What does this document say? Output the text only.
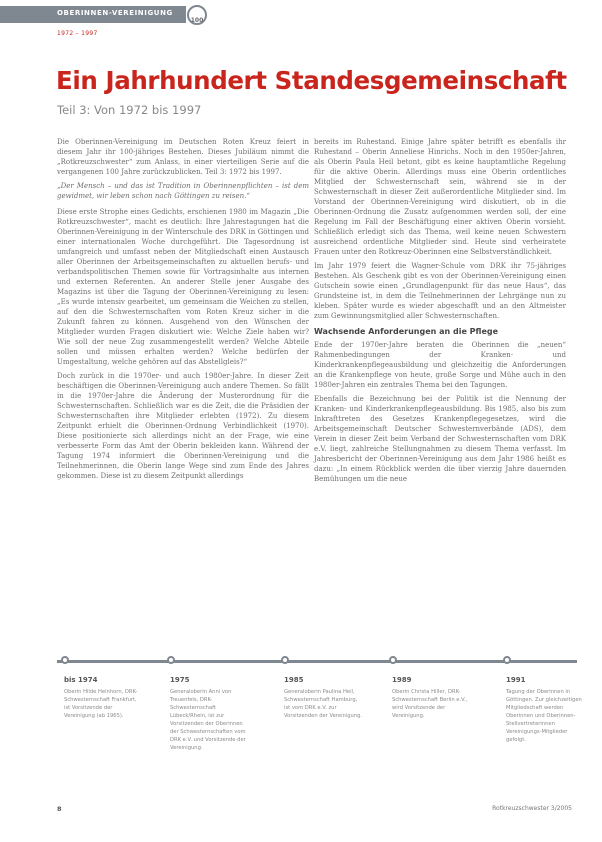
OBERINNEN-VEREINIGUNG
100
1972 – 1997
Ein Jahrhundert Standesgemeinschaft
Teil 3: Von 1972 bis 1997

Die Oberinnen-Vereinigung im Deutschen Roten Kreuz feiert in diesem Jahr ihr 100-jähriges Bestehen. Dieses Jubiläum nimmt die „Rotkreuzschwester“ zum Anlass, in einer vierteiligen Serie auf die vergangenen 100 Jahre zurückzublicken. Teil 3: 1972 bis 1997.

„Der Mensch – und das ist Tradition in Oberinnenpflichten – ist dem gewidmet, wir leben schon nach Göttingen zu reisen.“

Diese erste Strophe eines Gedichts, erschienen 1980 im Magazin „Die Rotkreuzschwester“, macht es deutlich: Ihre Jahrestagungen hat die Oberinnen-Vereinigung in der Winterschule des DRK in Göttingen und einer internationalen Woche durchgeführt. Die Tagesordnung ist umfangreich und umfasst neben der Mitgliedschaft einen Austausch aller Oberinnen der Arbeitsgemeinschaften zu aktuellen berufs- und verbandspolitischen Themen sowie für Vortragsinhalte aus internen und externen Referenten. An anderer Stelle jener Ausgabe des Magazins ist über die Tagung der Oberinnen-Vereinigung zu lesen: „Es wurde intensiv gearbeitet, um gemeinsam die Weichen zu stellen, auf den die Schwesternschaften vom Roten Kreuz sicher in die Zukunft fahren zu können. Ausgehend von den Wünschen der Mitglieder wurden Fragen diskutiert wie: Welche Ziele haben wir? Wie soll der neue Zug zusammengestellt werden? Welche Abteile sollen und müssen erhalten werden? Welche bedürfen der Umgestaltung, welche gehören auf das Abstellgleis?“

Doch zurück in die 1970er- und auch 1980er-Jahre. In dieser Zeit beschäftigen die Oberinnen-Vereinigung auch andere Themen. So fällt in die 1970er-Jahre die Änderung der Musterordnung für die Schwesternschaften. Schließlich war es die Zeit, die die Präsidien der Schwesternschaften ihre Mitglieder erlebten (1972). Zu diesem Zeitpunkt erhielt die Oberinnen-Ordnung Verbindlichkeit (1970). Diese positionierte sich allerdings nicht an der Frage, wie eine verbesserte Form das Amt der Oberin bekleiden kann. Während der Tagung 1974 informiert die Oberinnen-Vereinigung und die Teilnehmerinnen, die Oberin lange Wege sind zum Ende des Jahres gekommen. Diese ist zu diesem Zeitpunkt allerdings

bereits im Ruhestand. Einige Jahre später betrifft es ebenfalls ihr Ruhestand – Oberin Anneliese Hinrichs. Noch in den 1950er-Jahren, als Oberin Paula Heil betont, gibt es keine hauptamtliche Regelung für die aktive Oberin. Allerdings muss eine Oberin ordentliches Mitglied der Schwesternschaft sein, während sie in der Schwesternschaft in dieser Zeit außerordentliche Mitglieder sind. Im Vorstand der Oberinnen-Vereinigung wird diskutiert, ob in die Oberinnen-Ordnung die Zusatz aufgenommen werden soll, der eine Regelung im Fall der Beschäftigung einer aktiven Oberin vorsieht. Schließlich erledigt sich das Thema, weil keine neuen Schwestern ausreichend ordentliche Mitglieder sind. Heute sind verheiratete Frauen unter den Rotkreuz-Oberinnen eine Selbstverständlichkeit.

Im Jahr 1979 feiert die Wagner-Schule vom DRK ihr 75-jähriges Bestehen. Als Geschenk gibt es von der Oberinnen-Vereinigung einen Gutschein sowie einen „Grundlagenpunkt für das neue Haus“, das Grundsteine ist, in dem die Teilnehmerinnen der Lehrgänge nun zu kleben. Später wurde es wieder abgeschafft und an den Altmeister zum Gewinnungsmitglied aller Schwesternschaften.

Wachsende Anforderungen an die Pflege

Ende der 1970er-Jahre beraten die Oberinnen die „neuen“ Rahmenbedingungen der Kranken- und Kinderkrankenpflegeausbildung und gleichzeitig die Anforderungen an die Krankenpflege von heute, große Sorge und Mühe auch in den 1980er-Jahren ein zentrales Thema bei den Tagungen.

Ebenfalls die Bezeichnung bei der Politik ist die Nennung der Kranken- und Kinderkrankenpflegeausbildung. Bis 1985, also bis zum Inkrafttreten des Gesetzes Krankenpflegegesetzes, wird die Arbeitsgemeinschaft Deutscher Schwesternverbände (ADS), dem Verein in dieser Zeit beim Verband der Schwesternschaften vom DRK e.V. liegt, zahlreiche Stellungnahmen zu diesem Thema verfasst. Im Jahresbericht der Oberinnen-Vereinigung aus dem Jahr 1986 heißt es dazu: „In einem Rückblick werden die über vierzig Jahre dauernden Bemühungen um die neue

bis 1974
Oberin Hilde Heinhorn, DRK-Schwesternschaft Frankfurt, ist Vorsitzende der Vereinigung (ab 1965).
1975
Generaloberin Anni von Treuenfels, DRK-Schwesternschaft Lübeck/Rhein, ist zur Vorsitzenden der Oberinnen der Schwesternschaften vom DRK e.V. und Vorsitzende der Vereinigung.
1985
Generaloberin Paulina Heil, Schwesternschaft Hamburg, ist vom DRK e.V. zur Vorsitzenden der Vereinigung.
1989
Oberin Christa Hiller, DRK-Schwesternschaft Berlin e.V., wird Vorsitzende der Vereinigung.
1991
Tagung der Oberinnen in Göttingen. Zur gleichzeitigen Mitgliedschaft werden Oberinnen und Oberinnen-Stellvertreterinnen Vereinigungs-Mitglieder gefolgt.
8	Rotkreuzschwester 3/2005
